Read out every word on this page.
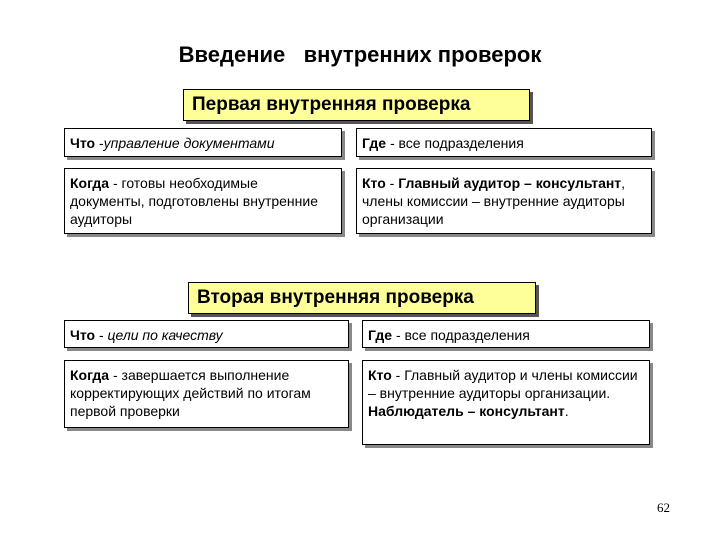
Введение   внутренних проверок
Первая внутренняя проверка
Что -управление документами	Где - все подразделения
Когда - готовы необходимые документы, подготовлены внутренние аудиторы
Кто - Главный аудитор – консультант, члены комиссии – внутренние аудиторы организации
Вторая внутренняя проверка
Что - цели по качеству	Где - все подразделения
Когда - завершается выполнение корректирующих действий по итогам первой проверки
Кто - Главный аудитор и члены комиссии – внутренние аудиторы организации. Наблюдатель – консультант.
62
